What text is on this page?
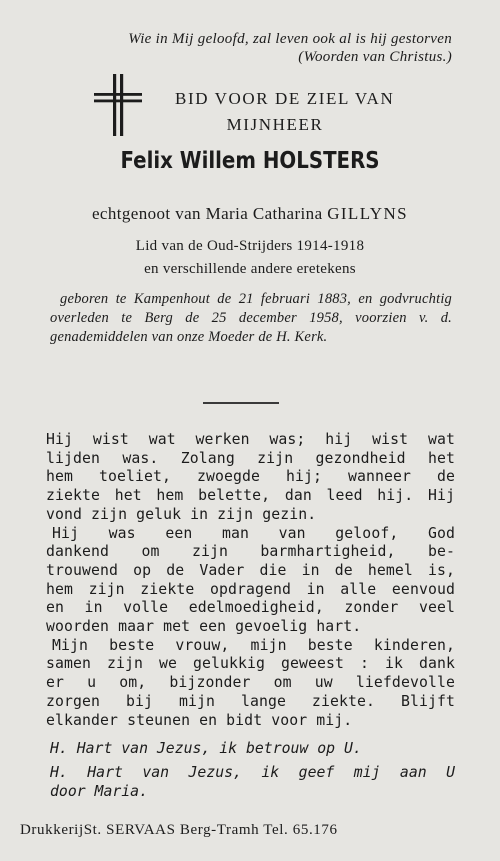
Wie in Mij geloofd, zal leven ook al is hij gestorven
(Woorden van Christus.)
BID VOOR DE ZIEL VAN
MIJNHEER
Felix Willem HOLSTERS
echtgenoot van Maria Catharina GILLYNS
Lid van de Oud-Strijders 1914-1918
en verschillende andere eretekens
geboren te Kampenhout de 21 februari 1883, en godvruchtig overleden te Berg de 25 december 1958, voorzien v. d. genademiddelen van onze Moeder de H. Kerk.
Hij wist wat werken was; hij wist wat
lijden was. Zolang zijn gezondheid het
hem toeliet, zwoegde hij; wanneer de
ziekte het hem belette, dan leed hij. Hij
vond zijn geluk in zijn gezin.
Hij was een man van geloof, God
dankend om zijn barmhartigheid, be-
trouwend op de Vader die in de hemel is,
hem zijn ziekte opdragend in alle eenvoud
en in volle edelmoedigheid, zonder veel
woorden maar met een gevoelig hart.
Mijn beste vrouw, mijn beste kinderen,
samen zijn we gelukkig geweest : ik dank
er u om, bijzonder om uw liefdevolle
zorgen bij mijn lange ziekte. Blijft
elkander steunen en bidt voor mij.
H. Hart van Jezus, ik betrouw op U.
H. Hart van Jezus, ik geef mij aan U
door Maria.
DrukkerijSt. SERVAAS Berg-Tramh Tel. 65.176
